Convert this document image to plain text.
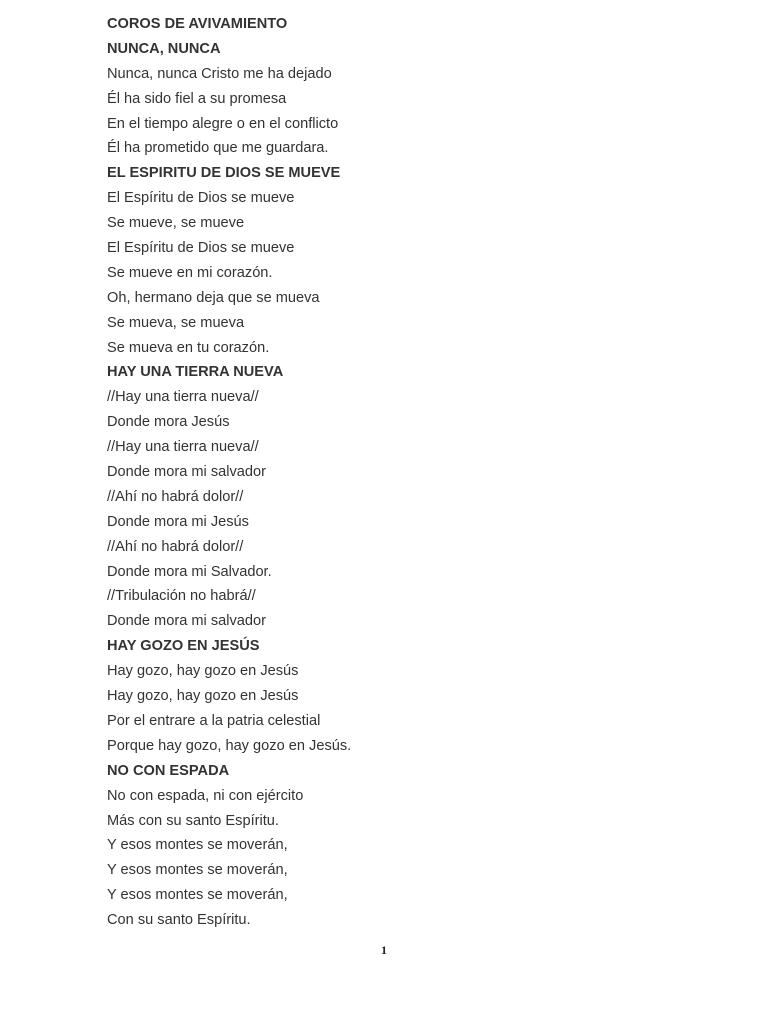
COROS DE AVIVAMIENTO
NUNCA, NUNCA
Nunca, nunca Cristo me ha dejado
Él ha sido fiel a su promesa
En el tiempo alegre o en el conflicto
Él ha prometido que me guardara.
EL ESPIRITU DE DIOS SE MUEVE
El Espíritu de Dios se mueve
Se mueve, se mueve
El Espíritu de Dios se mueve
Se mueve en mi corazón.
Oh, hermano deja que se mueva
Se mueva, se mueva
Se mueva en tu corazón.
HAY UNA TIERRA NUEVA
//Hay una tierra nueva//
Donde mora Jesús
//Hay una tierra nueva//
Donde mora mi salvador
//Ahí no habrá dolor//
Donde mora mi Jesús
//Ahí no habrá dolor//
Donde mora mi Salvador.
//Tribulación no habrá//
Donde mora mi salvador
HAY GOZO EN JESÚS
Hay gozo, hay gozo en Jesús
Hay gozo, hay gozo en Jesús
Por el entrare a la patria celestial
Porque hay gozo, hay gozo en Jesús.
NO CON ESPADA
No con espada, ni con ejército
Más con su santo Espíritu.
Y esos montes se moverán,
Y esos montes se moverán,
Y esos montes se moverán,
Con su santo Espíritu.
1
